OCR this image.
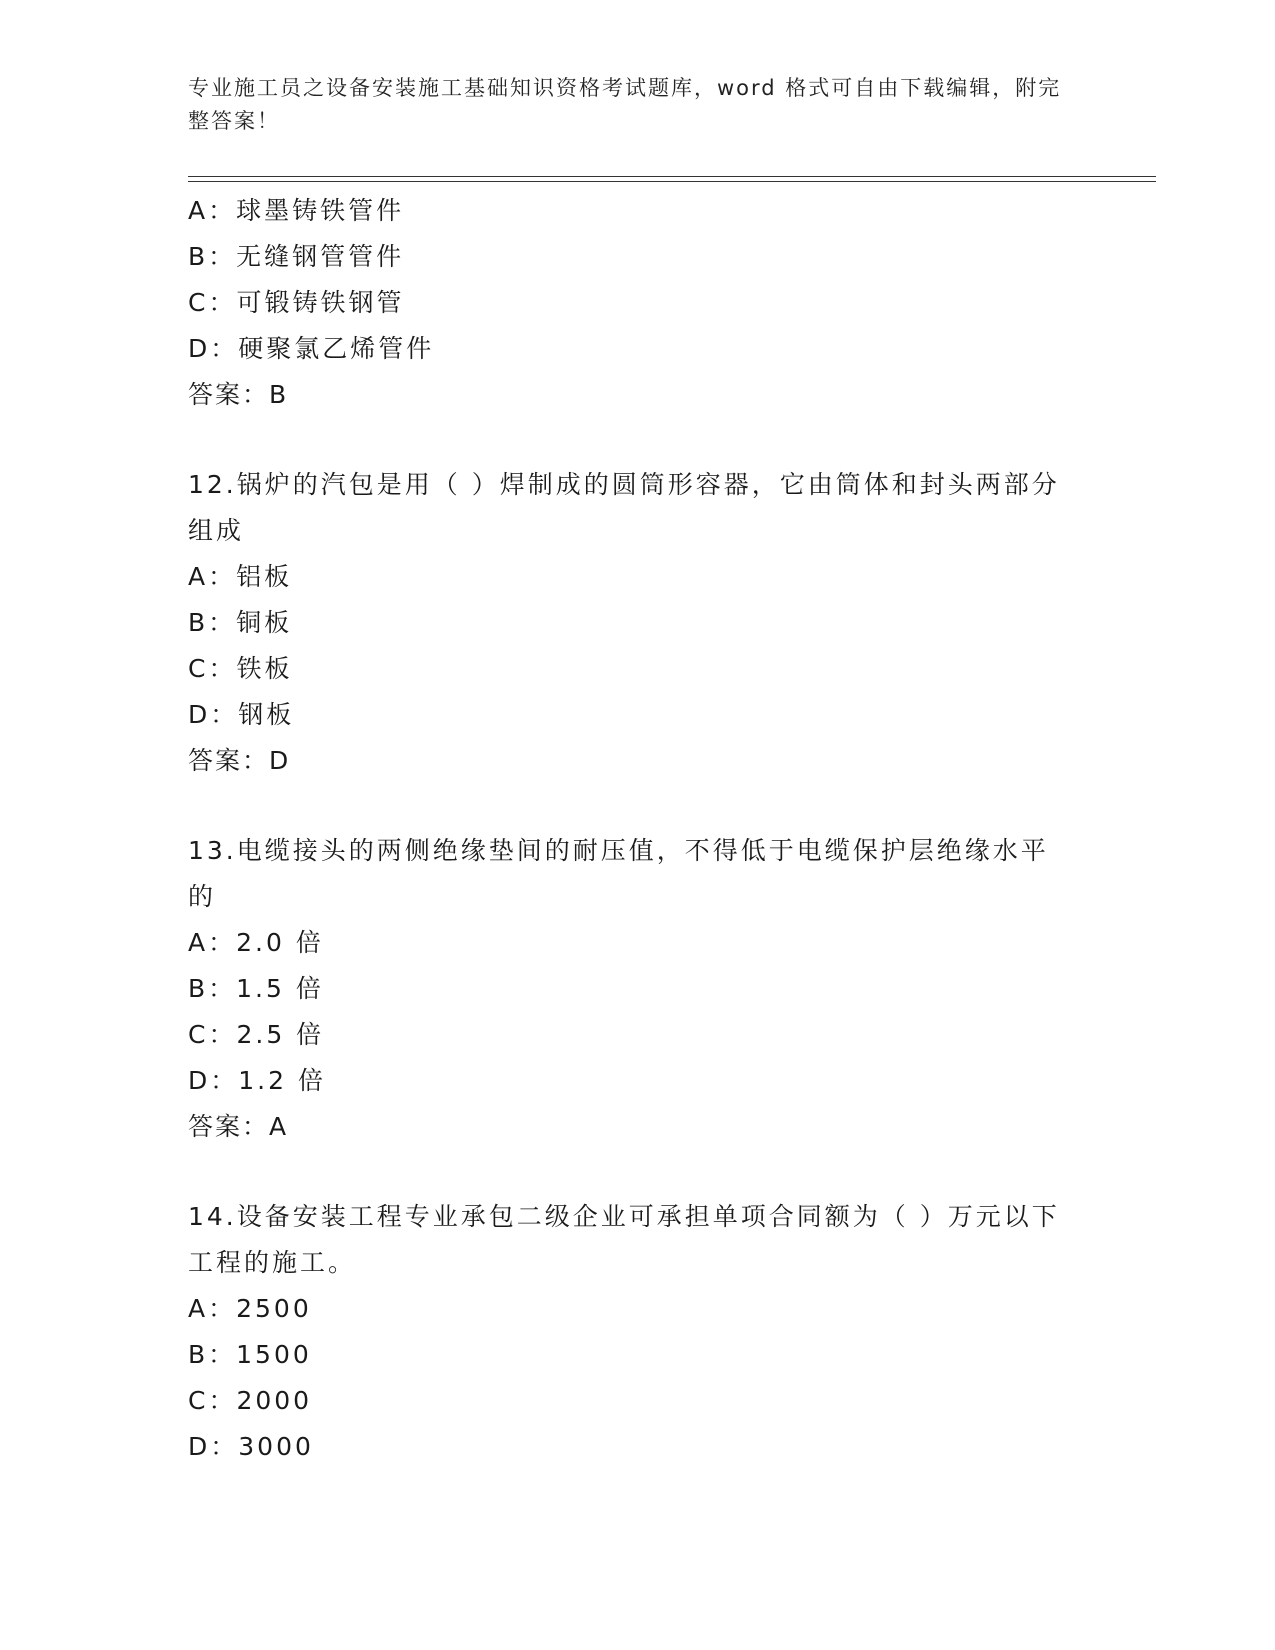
专业施工员之设备安装施工基础知识资格考试题库，word 格式可自由下载编辑，附完整答案！
A：球墨铸铁管件
B：无缝钢管管件
C：可锻铸铁钢管
D：硬聚氯乙烯管件
答案：B
12.锅炉的汽包是用（ ）焊制成的圆筒形容器，它由筒体和封头两部分组成
A：铝板
B：铜板
C：铁板
D：钢板
答案：D
13.电缆接头的两侧绝缘垫间的耐压值，不得低于电缆保护层绝缘水平的
A：2.0 倍
B：1.5 倍
C：2.5 倍
D：1.2 倍
答案：A
14.设备安装工程专业承包二级企业可承担单项合同额为（ ）万元以下工程的施工。
A：2500
B：1500
C：2000
D：3000
